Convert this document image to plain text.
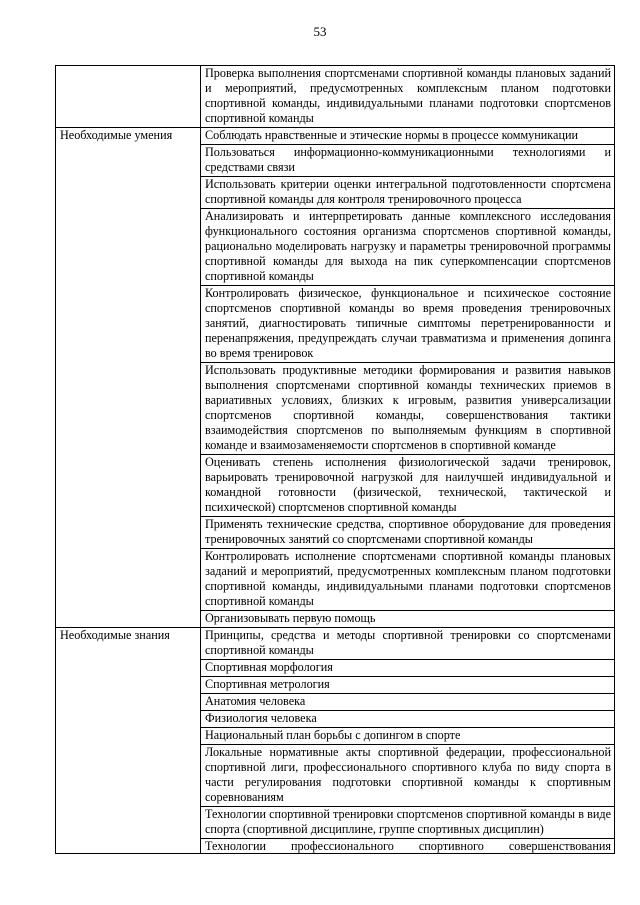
53
	Проверка выполнения спортсменами спортивной команды плановых заданий и мероприятий, предусмотренных комплексным планом подготовки спортивной команды, индивидуальными планами подготовки спортсменов спортивной команды
Необходимые умения	Соблюдать нравственные и этические нормы в процессе коммуникации
	Пользоваться информационно-коммуникационными технологиями и средствами связи
	Использовать критерии оценки интегральной подготовленности спортсмена спортивной команды для контроля тренировочного процесса
	Анализировать и интерпретировать данные комплексного исследования функционального состояния организма спортсменов спортивной команды, рационально моделировать нагрузку и параметры тренировочной программы спортивной команды для выхода на пик суперкомпенсации спортсменов спортивной команды
	Контролировать физическое, функциональное и психическое состояние спортсменов спортивной команды во время проведения тренировочных занятий, диагностировать типичные симптомы перетренированности и перенапряжения, предупреждать случаи травматизма и применения допинга во время тренировок
	Использовать продуктивные методики формирования и развития навыков выполнения спортсменами спортивной команды технических приемов в вариативных условиях, близких к игровым, развития универсализации спортсменов спортивной команды, совершенствования тактики взаимодействия спортсменов по выполняемым функциям в спортивной команде и взаимозаменяемости спортсменов в спортивной команде
	Оценивать степень исполнения физиологической задачи тренировок, варьировать тренировочной нагрузкой для наилучшей индивидуальной и командной готовности (физической, технической, тактической и психической) спортсменов спортивной команды
	Применять технические средства, спортивное оборудование для проведения тренировочных занятий со спортсменами спортивной команды
	Контролировать исполнение спортсменами спортивной команды плановых заданий и мероприятий, предусмотренных комплексным планом подготовки спортивной команды, индивидуальными планами подготовки спортсменов спортивной команды
	Организовывать первую помощь
Необходимые знания	Принципы, средства и методы спортивной тренировки со спортсменами спортивной команды
	Спортивная морфология
	Спортивная метрология
	Анатомия человека
	Физиология человека
	Национальный план борьбы с допингом в спорте
	Локальные нормативные акты спортивной федерации, профессиональной спортивной лиги, профессионального спортивного клуба по виду спорта в части регулирования подготовки спортивной команды к спортивным соревнованиям
	Технологии спортивной тренировки спортсменов спортивной команды в виде спорта (спортивной дисциплине, группе спортивных дисциплин)

	Технологии профессионального спортивного совершенствования
